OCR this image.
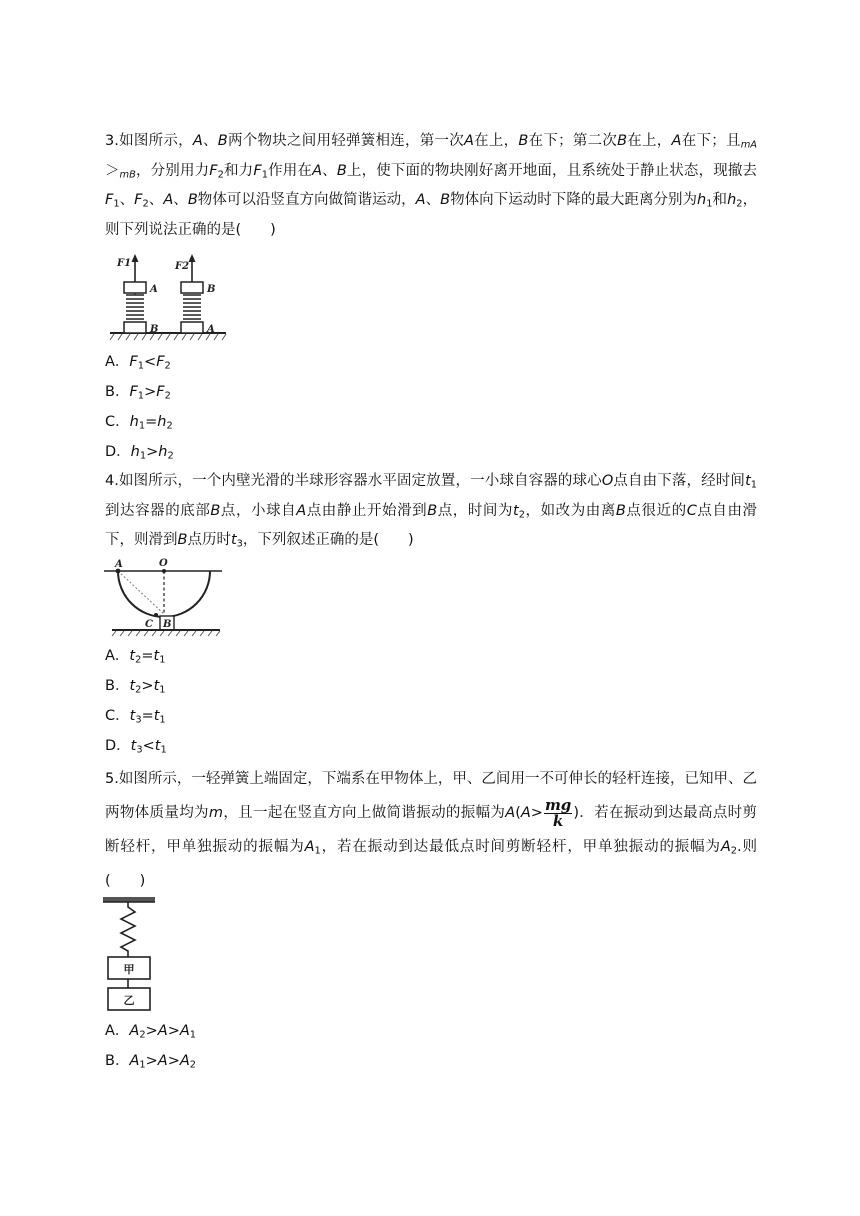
3.如图所示，A、B两个物块之间用轻弹簧相连，第一次A在上，B在下；第二次B在上，A在下；且$_{mA}>_{mB}$，分别用力$F_2$和力$F_1$作用在A、B上，使下面的物块刚好离开地面，且系统处于静止状态，现撤去$F_1$、$F_2$、A、B物体可以沿竖直方向做简谐运动，A、B物体向下运动时下降的最大距离分别为$h_1$和$h_2$，则下列说法正确的是(　　)

F1	F2
A
B
B
A

A．$F_1<F_2$

B．$F_1>F_2$

C．$h_1=h_2$

D．$h_1>h_2$

4.如图所示，一个内壁光滑的半球形容器水平固定放置，一小球自容器的球心O点自由下落，经时间$t_1$到达容器的底部B点，小球自A点由静止开始滑到B点，时间为$t_2$，如改为由离B点很近的C点自由滑下，则滑到B点历时$t_3$，下列叙述正确的是(　　)

A	O
C B

A．$t_2=t_1$

B．$t_2>t_1$

C．$t_3=t_1$

D．$t_3<t_1$

5.如图所示，一轻弹簧上端固定，下端系在甲物体上，甲、乙间用一不可伸长的轻杆连接，已知甲、乙两物体质量均为m，且一起在竖直方向上做简谐振动的振幅为$A(A> \frac{mg}{k}$ )．若在振动到达最高点时剪断轻杆，甲单独振动的振幅为$A_1$，若在振动到达最低点时间剪断轻杆，甲单独振动的振幅为$A_2$.则(　　)

甲
乙

A．$A_2>A>A_1$

B．$A_1>A>A_2$
